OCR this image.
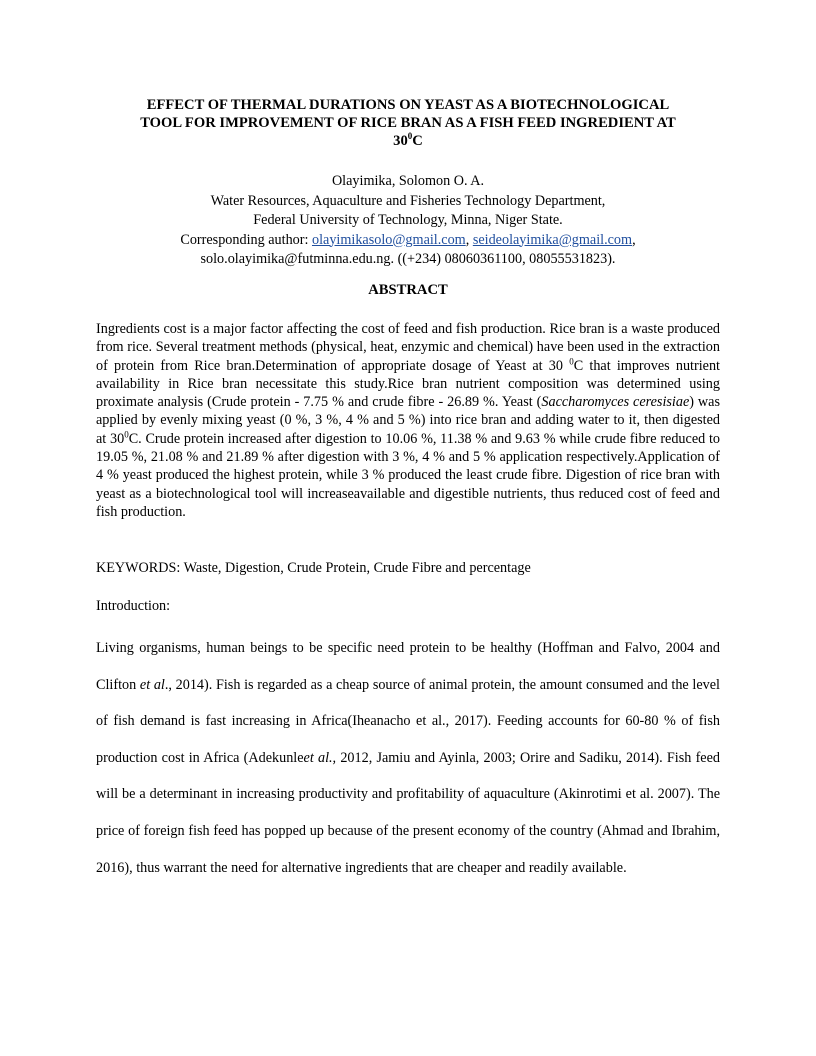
EFFECT OF THERMAL DURATIONS ON YEAST AS A BIOTECHNOLOGICAL
TOOL FOR IMPROVEMENT OF RICE BRAN AS A FISH FEED INGREDIENT AT
$30^0C$
Olayimika, Solomon O. A.
Water Resources, Aquaculture and Fisheries Technology Department,
Federal University of Technology, Minna, Niger State.
Corresponding author: olayimikasolo@gmail.com, seideolayimika@gmail.com,
solo.olayimika@futminna.edu.ng. ((+234) 08060361100, 08055531823).
ABSTRACT

Ingredients cost is a major factor affecting the cost of feed and fish production. Rice bran is a waste produced from rice. Several treatment methods (physical, heat, enzymic and chemical) have been used in the extraction of protein from Rice bran.Determination of appropriate dosage of Yeast at 30 $^0$C that improves nutrient availability in Rice bran necessitate this study.Rice bran nutrient composition was determined using proximate analysis (Crude protein - 7.75 % and crude fibre - 26.89 %. Yeast (Saccharomyces ceresisiae) was applied by evenly mixing yeast (0 %, 3 %, 4 % and 5 %) into rice bran and adding water to it, then digested at $30^0C$. Crude protein increased after digestion to 10.06 %, 11.38 % and 9.63 % while crude fibre reduced to 19.05 %, 21.08 % and 21.89 % after digestion with 3 %, 4 % and 5 % application respectively.Application of 4 % yeast produced the highest protein, while 3 % produced the least crude fibre. Digestion of rice bran with yeast as a biotechnological tool will increaseavailable and digestible nutrients, thus reduced cost of feed and fish production.

KEYWORDS: Waste, Digestion, Crude Protein, Crude Fibre and percentage

Introduction:

Living organisms, human beings to be specific need protein to be healthy (Hoffman and Falvo, 2004 and Clifton et al., 2014). Fish is regarded as a cheap source of animal protein, the amount consumed and the level of fish demand is fast increasing in Africa(Iheanacho et al., 2017). Feeding accounts for 60-80 % of fish production cost in Africa (Adekunleet al., 2012, Jamiu and Ayinla, 2003; Orire and Sadiku, 2014). Fish feed will be a determinant in increasing productivity and profitability of aquaculture (Akinrotimi et al. 2007). The price of foreign fish feed has popped up because of the present economy of the country (Ahmad and Ibrahim, 2016), thus warrant the need for alternative ingredients that are cheaper and readily available.
